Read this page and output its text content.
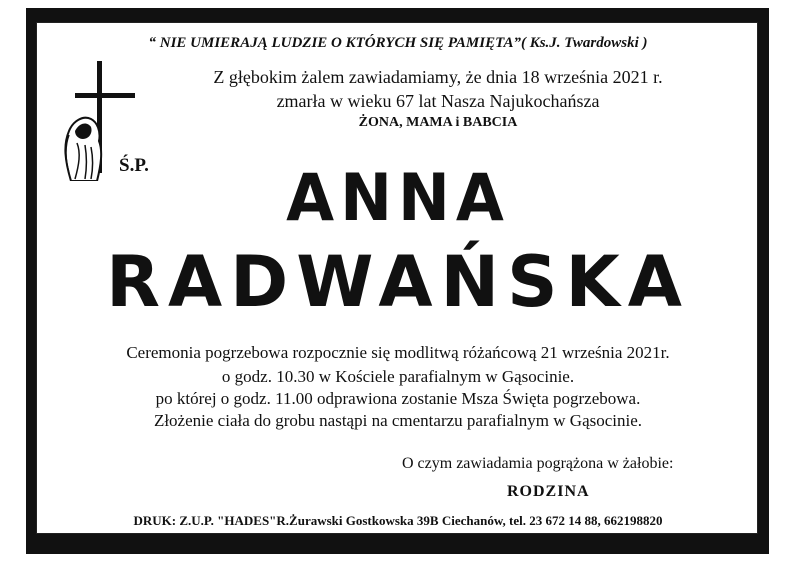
“ NIE UMIERAJĄ LUDZIE O KTÓRYCH SIĘ PAMIĘTA”( Ks.J. Twardowski )
Z głębokim żalem zawiadamiamy, że dnia 18 września 2021 r.
zmarła w wieku 67 lat Nasza Najukochańsza
ŻONA, MAMA i BABCIA
Ś.P.	ANNA
RADWAŃSKA
Ceremonia pogrzebowa rozpocznie się modlitwą różańcową 21 września 2021r.
o godz. 10.30 w Kościele parafialnym w Gąsocinie.
po której o godz. 11.00 odprawiona zostanie Msza Święta pogrzebowa.
Złożenie ciała do grobu nastąpi na cmentarzu parafialnym w Gąsocinie.
O czym zawiadamia pogrążona w żałobie:
RODZINA
DRUK: Z.U.P. "HADES"R.Żurawski Gostkowska 39B Ciechanów, tel. 23 672 14 88, 662198820
